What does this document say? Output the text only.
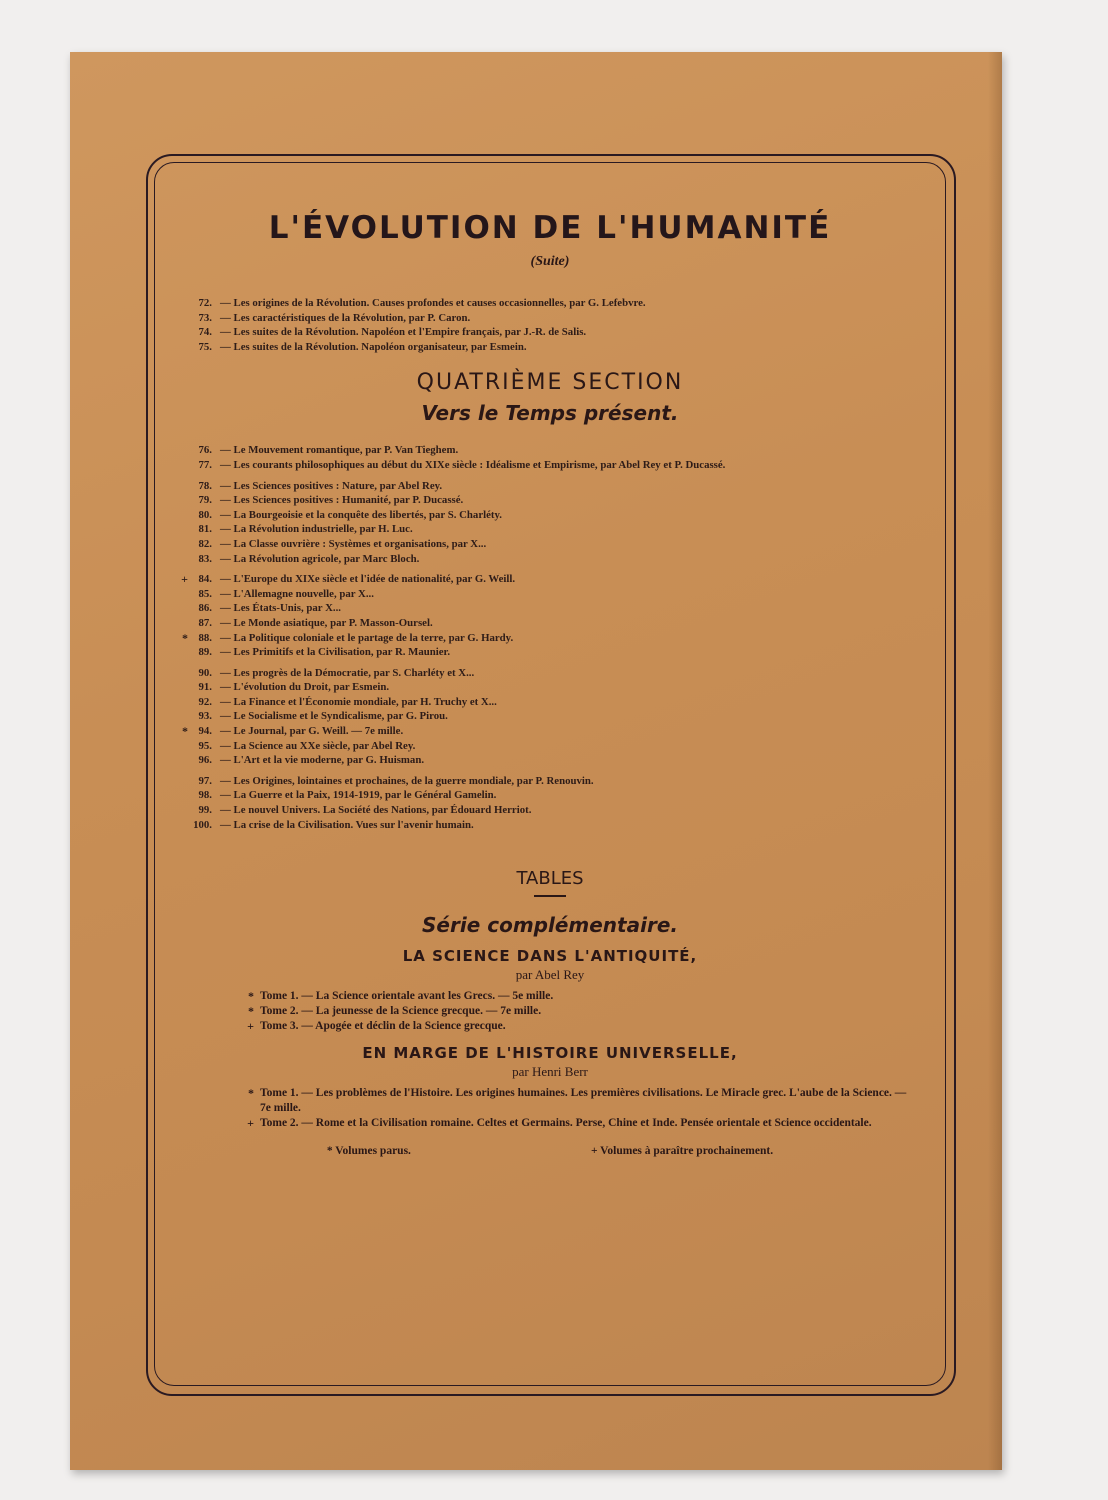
L'ÉVOLUTION DE L'HUMANITÉ
(Suite)
72. — Les origines de la Révolution. Causes profondes et causes occasionnelles, par G. Lefebvre.
73. — Les caractéristiques de la Révolution, par P. Caron.
74. — Les suites de la Révolution. Napoléon et l'Empire français, par J.-R. de Salis.
75. — Les suites de la Révolution. Napoléon organisateur, par Esmein.
QUATRIÈME SECTION
Vers le Temps présent.
76. — Le Mouvement romantique, par P. Van Tieghem.
77. — Les courants philosophiques au début du XIXe siècle : Idéalisme et Empirisme, par Abel Rey et P. Ducassé.
78. — Les Sciences positives : Nature, par Abel Rey.
79. — Les Sciences positives : Humanité, par P. Ducassé.
80. — La Bourgeoisie et la conquête des libertés, par S. Charléty.
81. — La Révolution industrielle, par H. Luc.
82. — La Classe ouvrière : Systèmes et organisations, par X...
83. — La Révolution agricole, par Marc Bloch.
+ 84. — L'Europe du XIXe siècle et l'idée de nationalité, par G. Weill.
85. — L'Allemagne nouvelle, par X...
86. — Les États-Unis, par X...
87. — Le Monde asiatique, par P. Masson-Oursel.
* 88. — La Politique coloniale et le partage de la terre, par G. Hardy.
89. — Les Primitifs et la Civilisation, par R. Maunier.
90. — Les progrès de la Démocratie, par S. Charléty et X...
91. — L'évolution du Droit, par Esmein.
92. — La Finance et l'Économie mondiale, par H. Truchy et X...
93. — Le Socialisme et le Syndicalisme, par G. Pirou.
* 94. — Le Journal, par G. Weill. — 7e mille.
95. — La Science au XXe siècle, par Abel Rey.
96. — L'Art et la vie moderne, par G. Huisman.
97. — Les Origines, lointaines et prochaines, de la guerre mondiale, par P. Renouvin.
98. — La Guerre et la Paix, 1914-1919, par le Général Gamelin.
99. — Le nouvel Univers. La Société des Nations, par Édouard Herriot.
100. — La crise de la Civilisation. Vues sur l'avenir humain.
TABLES
Série complémentaire.
LA SCIENCE DANS L'ANTIQUITÉ,
par Abel Rey
* Tome 1. — La Science orientale avant les Grecs. — 5e mille.
* Tome 2. — La jeunesse de la Science grecque. — 7e mille.
+ Tome 3. — Apogée et déclin de la Science grecque.
EN MARGE DE L'HISTOIRE UNIVERSELLE,
par Henri Berr
* Tome 1. — Les problèmes de l'Histoire. Les origines humaines. Les premières civilisations. Le Miracle grec. L'aube de la Science. — 7e mille.
+ Tome 2. — Rome et la Civilisation romaine. Celtes et Germains. Perse, Chine et Inde. Pensée orientale et Science occidentale.
* Volumes parus.	+ Volumes à paraître prochainement.
